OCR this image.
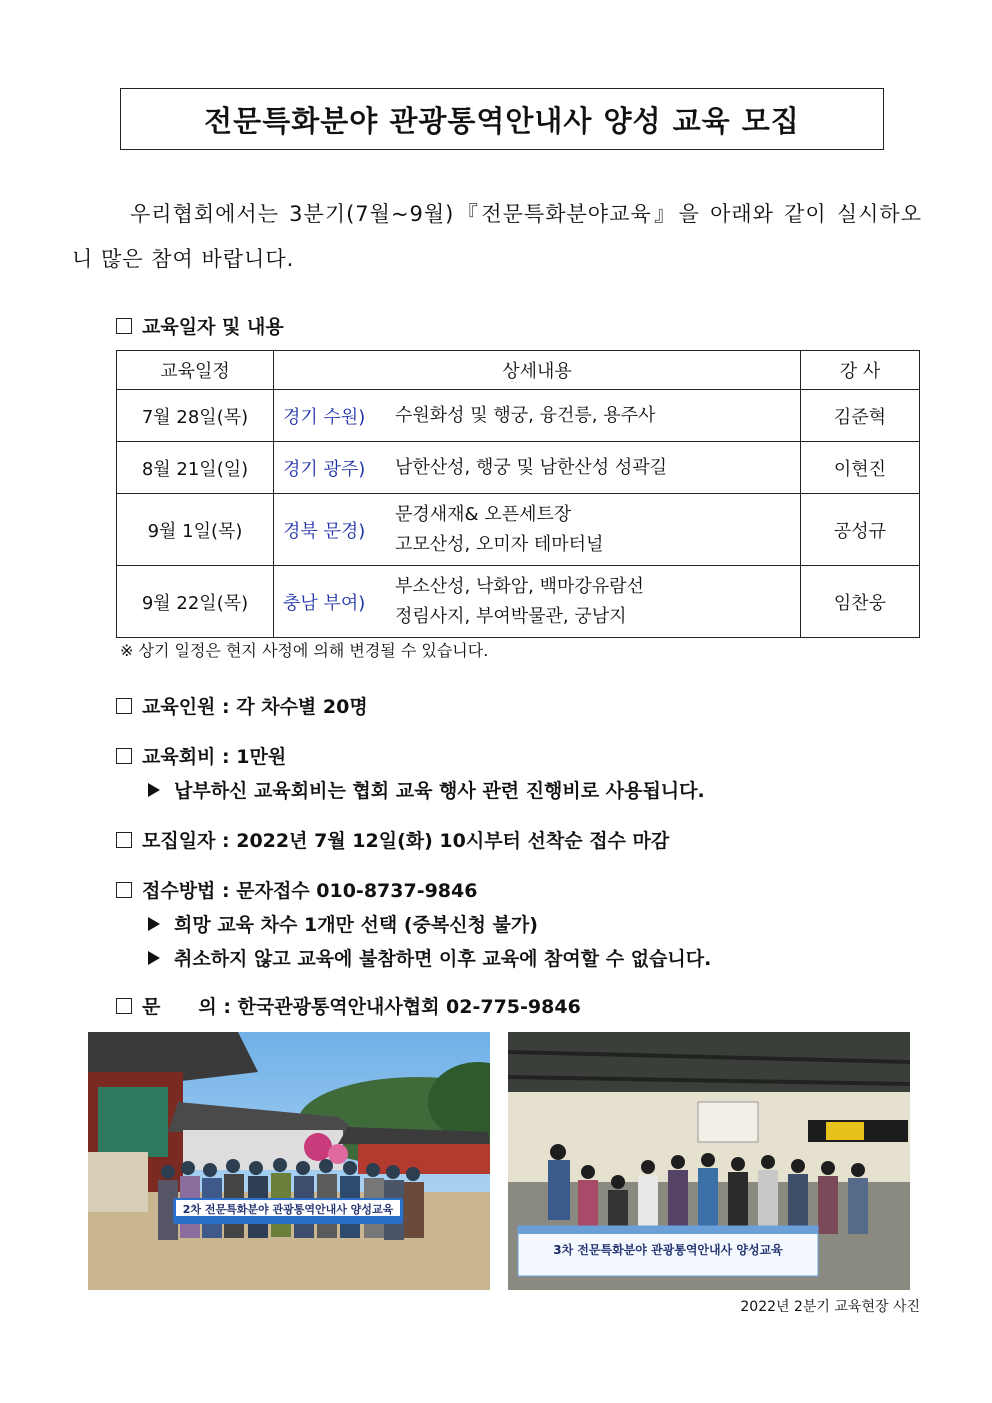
전문특화분야 관광통역안내사 양성 교육 모집

우리협회에서는 3분기(7월~9월)『전문특화분야교육』을 아래와 같이 실시하오니 많은 참여 바랍니다.

교육일자 및 내용
교육일정	상세내용	강 사
7월 28일(목)	경기 수원) 수원화성 및 행궁, 융건릉, 용주사	김준혁
8월 21일(일)	경기 광주) 남한산성, 행궁 및 남한산성 성곽길	이현진
9월 1일(목)	경북 문경)
문경새재& 오픈세트장
고모산성, 오미자 테마터널	공성규
9월 22일(목)	충남 부여)
부소산성, 낙화암, 백마강유람선
정림사지, 부여박물관, 궁남지	임찬웅
※ 상기 일정은 현지 사정에 의해 변경될 수 있습니다.
교육인원 : 각 차수별 20명
교육회비 : 1만원
납부하신 교육회비는 협회 교육 행사 관련 진행비로 사용됩니다.
모집일자 : 2022년 7월 12일(화) 10시부터 선착순 접수 마감
접수방법 : 문자접수 010-8737-9846
희망 교육 차수 1개만 선택 (중복신청 불가)
취소하지 않고 교육에 불참하면 이후 교육에 참여할 수 없습니다.
문　　의 : 한국관광통역안내사협회 02-775-9846
2차 전문특화분야 관광통역안내사 양성교육
3차 전문특화분야 관광통역안내사 양성교육
2022년 2분기 교육현장 사진
